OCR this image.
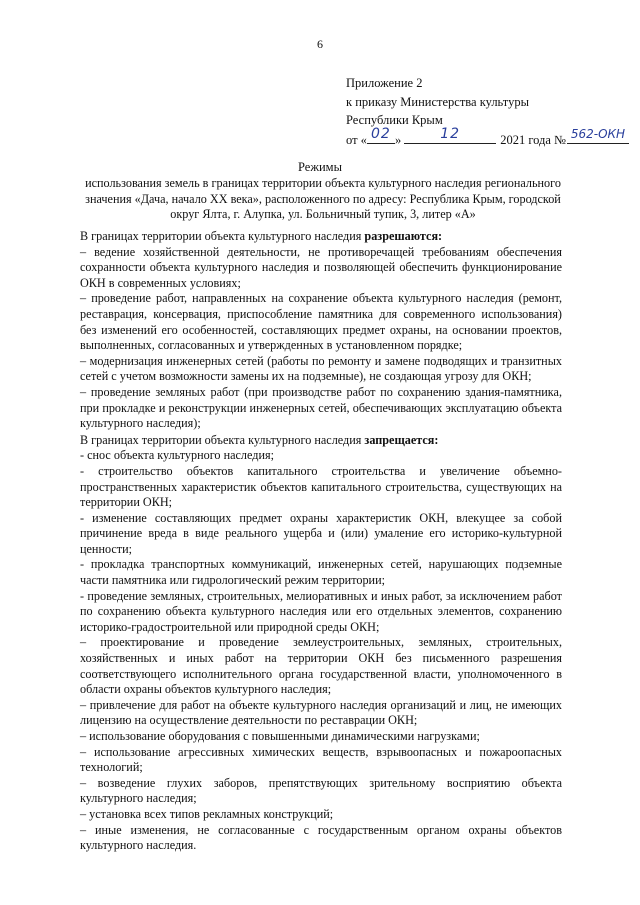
6
Приложение 2
к приказу Министерства культуры
Республики Крым
от « 02 »	12	2021 года № 562-ОКН
Режимы
использования земель в границах территории объекта культурного наследия регионального значения «Дача, начало XX века», расположенного по адресу: Республика Крым, городской округ Ялта, г. Алупка, ул. Больничный тупик, 3, литер «А»

В границах территории объекта культурного наследия разрешаются:

– ведение хозяйственной деятельности, не противоречащей требованиям обеспечения сохранности объекта культурного наследия и позволяющей обеспечить функционирование ОКН в современных условиях;

– проведение работ, направленных на сохранение объекта культурного наследия (ремонт, реставрация, консервация, приспособление памятника для современного использования) без изменений его особенностей, составляющих предмет охраны, на основании проектов, выполненных, согласованных и утвержденных в установленном порядке;

– модернизация инженерных сетей (работы по ремонту и замене подводящих и транзитных сетей с учетом возможности замены их на подземные), не создающая угрозу для ОКН;

– проведение земляных работ (при производстве работ по сохранению здания-памятника, при прокладке и реконструкции инженерных сетей, обеспечивающих эксплуатацию объекта культурного наследия);

В границах территории объекта культурного наследия запрещается:

- снос объекта культурного наследия;

- строительство объектов капитального строительства и увеличение объемно-пространственных характеристик объектов капитального строительства, существующих на территории ОКН;

- изменение составляющих предмет охраны характеристик ОКН, влекущее за собой причинение вреда в виде реального ущерба и (или) умаление его историко-культурной ценности;

- прокладка транспортных коммуникаций, инженерных сетей, нарушающих подземные части памятника или гидрологический режим территории;

- проведение земляных, строительных, мелиоративных и иных работ, за исключением работ по сохранению объекта культурного наследия или его отдельных элементов, сохранению историко-градостроительной или природной среды ОКН;

– проектирование и проведение землеустроительных, земляных, строительных, хозяйственных и иных работ на территории ОКН без письменного разрешения соответствующего исполнительного органа государственной власти, уполномоченного в области охраны объектов культурного наследия;

– привлечение для работ на объекте культурного наследия организаций и лиц, не имеющих лицензию на осуществление деятельности по реставрации ОКН;

– использование оборудования с повышенными динамическими нагрузками;

– использование агрессивных химических веществ, взрывоопасных и пожароопасных технологий;

– возведение глухих заборов, препятствующих зрительному восприятию объекта культурного наследия;

– установка всех типов рекламных конструкций;

– иные изменения, не согласованные с государственным органом охраны объектов культурного наследия.
